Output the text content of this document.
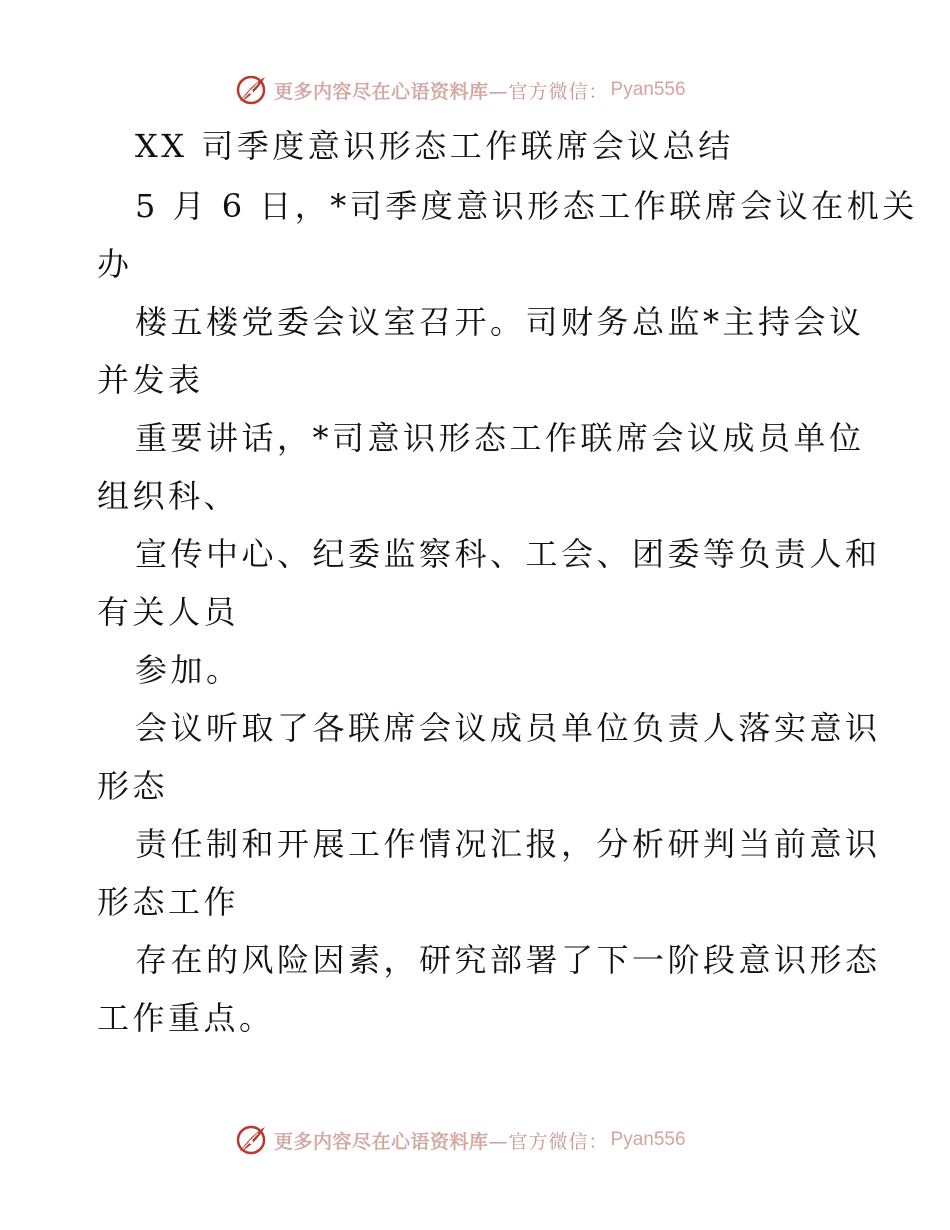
更多内容尽在心语资料库 —官方微信： Pyan556

XX 司季度意识形态工作联席会议总结

5 月 6 日，*司季度意识形态工作联席会议在机关

办

楼五楼党委会议室召开。司财务总监*主持会议

并发表

重要讲话，*司意识形态工作联席会议成员单位

组织科、

宣传中心、纪委监察科、工会、团委等负责人和

有关人员

参加。

会议听取了各联席会议成员单位负责人落实意识

形态

责任制和开展工作情况汇报，分析研判当前意识

形态工作

存在的风险因素，研究部署了下一阶段意识形态

工作重点。

更多内容尽在心语资料库 —官方微信： Pyan556
